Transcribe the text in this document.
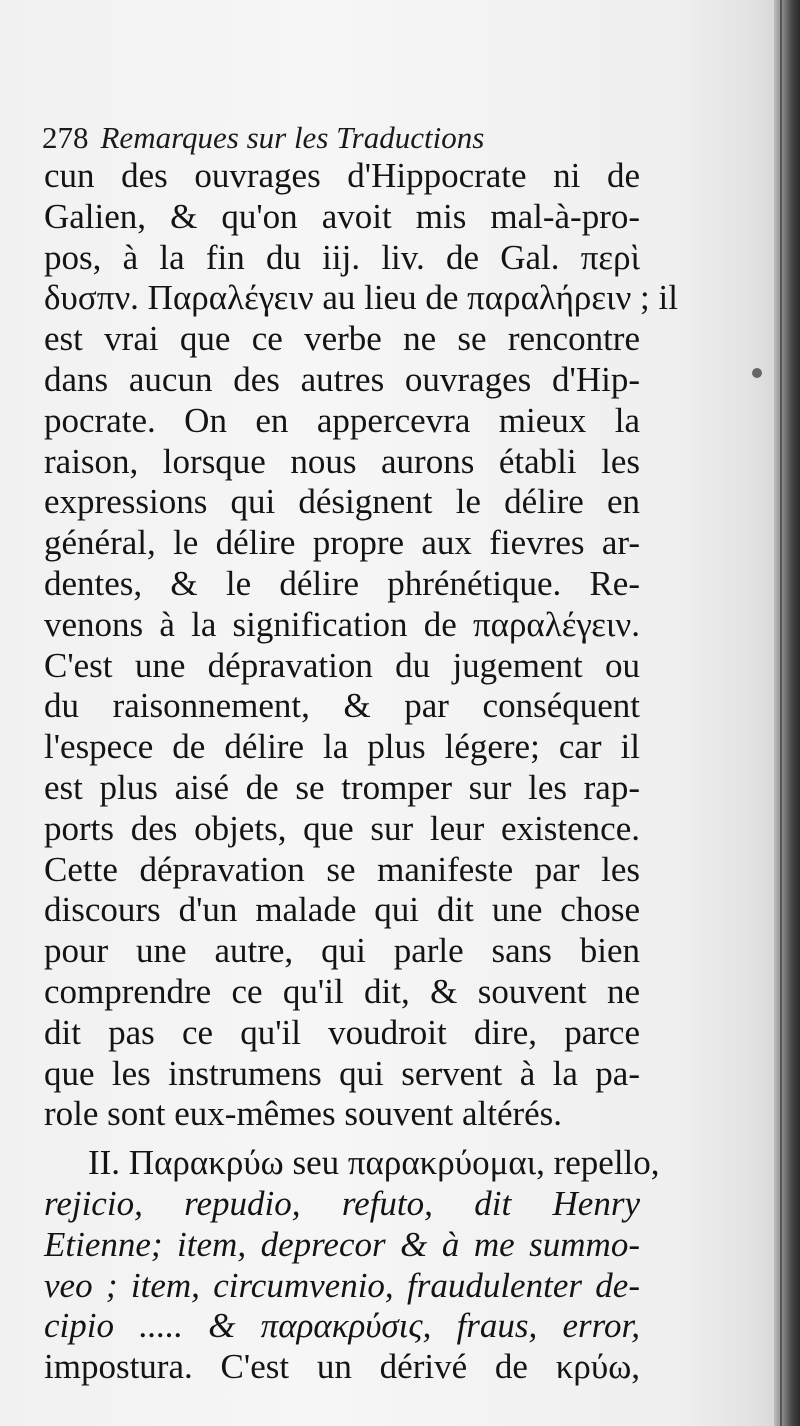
278 Remarques sur les Traductions
cun des ouvrages d'Hippocrate ni de
Galien, & qu'on avoit mis mal-à-pro-
pos, à la fin du iij. liv. de Gal. περὶ
δυσπν. Παραλέγειν au lieu de παραλήρειν ; il
est vrai que ce verbe ne se rencontre
dans aucun des autres ouvrages d'Hip-
pocrate. On en appercevra mieux la
raison, lorsque nous aurons établi les
expressions qui désignent le délire en
général, le délire propre aux fievres ar-
dentes, & le délire phrénétique. Re-
venons à la signification de παραλέγειν.
C'est une dépravation du jugement ou
du raisonnement, & par conséquent
l'espece de délire la plus légere; car il
est plus aisé de se tromper sur les rap-
ports des objets, que sur leur existence.
Cette dépravation se manifeste par les
discours d'un malade qui dit une chose
pour une autre, qui parle sans bien
comprendre ce qu'il dit, & souvent ne
dit pas ce qu'il voudroit dire, parce
que les instrumens qui servent à la pa-
role sont eux-mêmes souvent altérés.
II. Παρακρύω seu παρακρύομαι, repello,
rejicio, repudio, refuto, dit Henry
Etienne; item, deprecor & à me summo-
veo ; item, circumvenio, fraudulenter de-
cipio ..... & παρακρύσις, fraus, error,
impostura. C'est un dérivé de κρύω,
